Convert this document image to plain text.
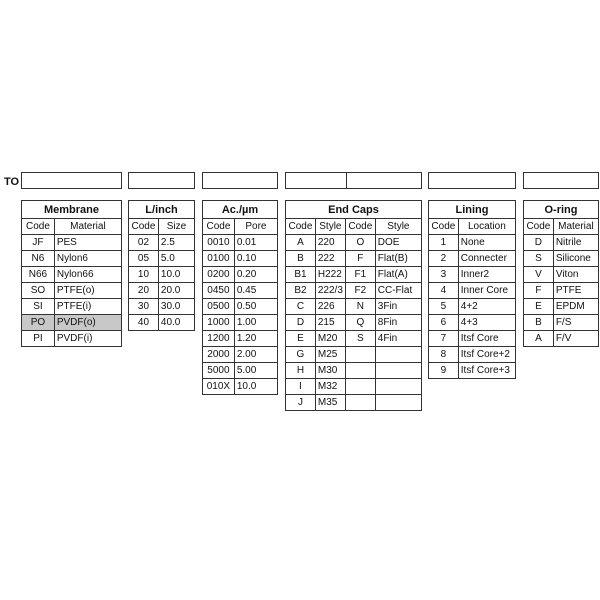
TO
Membrane	
Code	Material
JF	PES
N6	Nylon6
N66	Nylon66
SO	PTFE(o)
SI	PTFE(i)
PO	PVDF(o)
PI	PVDF(i)
L/inch	
Code	Size
02	2.5
05	5.0
10	10.0
20	20.0
30	30.0
40	40.0
Ac./µm	
Code	Pore
0010	0.01
0100	0.10
0200	0.20
0450	0.45
0500	0.50
1000	1.00
1200	1.20
2000	2.00
5000	5.00
010X	10.0
End Caps			
Code	Style	Code	Style
A	220	O	DOE
B	222	F	Flat(B)
B1	H222	F1	Flat(A)
B2	222/3	F2	CC-Flat
C	226	N	3Fin
D	215	Q	8Fin
E	M20	S	4Fin
G	M25		
H	M30		
I	M32		
J	M35		
Lining	
Code	Location
1	None
2	Connecter
3	Inner2
4	Inner Core
5	4+2
6	4+3
7	Itsf Core
8	Itsf Core+2
9	Itsf Core+3
O-ring	
Code	Material
D	Nitrile
S	Silicone
V	Viton
F	PTFE
E	EPDM
B	F/S
A	F/V
